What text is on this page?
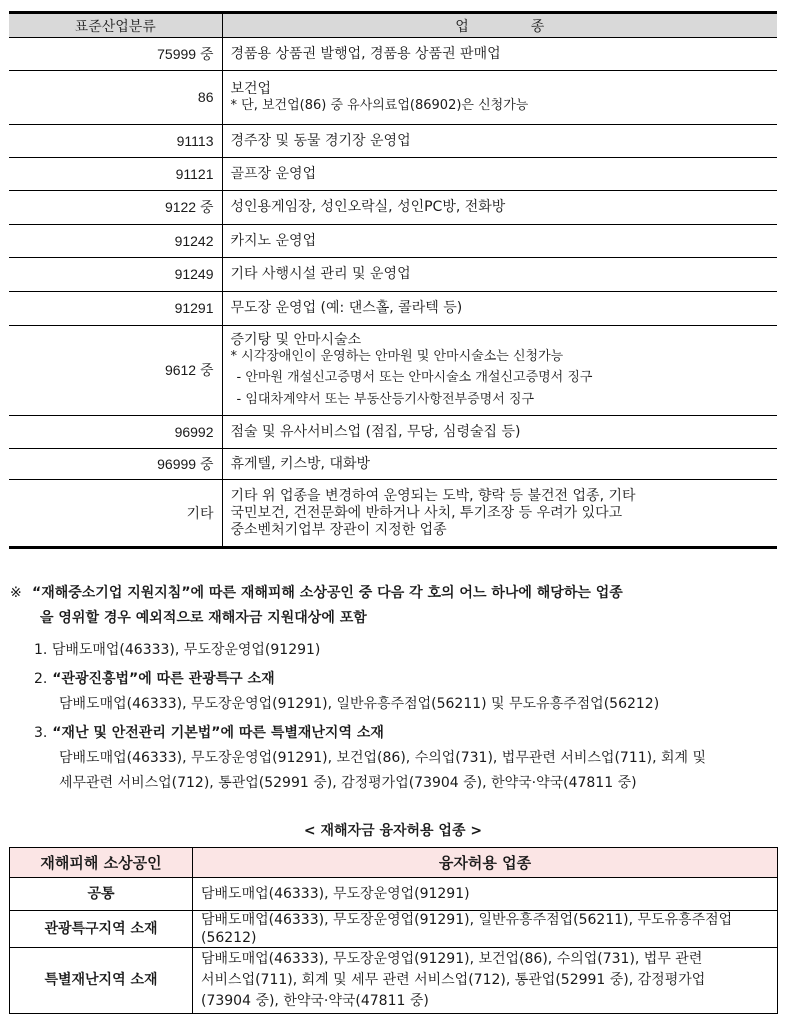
표준산업분류	업종
75999 중	경품용 상품권 발행업, 경품용 상품권 판매업
86	보건업
* 단, 보건업(86) 중 유사의료업(86902)은 신청가능

91113	경주장 및 동물 경기장 운영업
91121	골프장 운영업
9122 중	성인용게임장, 성인오락실, 성인PC방, 전화방
91242	카지노 운영업
91249	기타 사행시설 관리 및 운영업
91291	무도장 운영업 (예: 댄스홀, 콜라텍 등)
9612 중	증기탕 및 안마시술소
* 시각장애인이 운영하는 안마원 및 안마시술소는 신청가능
- 안마원 개설신고증명서 또는 안마시술소 개설신고증명서 징구
- 임대차계약서 또는 부동산등기사항전부증명서 징구

96992	점술 및 유사서비스업 (점집, 무당, 심령술집 등)
96999 중	휴게텔, 키스방, 대화방
기타	기타 위 업종을 변경하여 운영되는 도박, 향락 등 불건전 업종, 기타
국민보건, 건전문화에 반하거나 사치, 투기조장 등 우려가 있다고
중소벤처기업부 장관이 지정한 업종
※ “재해중소기업 지원지침”에 따른 재해피해 소상공인 중 다음 각 호의 어느 하나에 해당하는 업종
을 영위할 경우 예외적으로 재해자금 지원대상에 포함
1. 담배도매업(46333), 무도장운영업(91291)
2. “관광진흥법”에 따른 관광특구 소재
담배도매업(46333), 무도장운영업(91291), 일반유흥주점업(56211) 및 무도유흥주점업(56212)
3. “재난 및 안전관리 기본법”에 따른 특별재난지역 소재
담배도매업(46333), 무도장운영업(91291), 보건업(86), 수의업(731), 법무관련 서비스업(711), 회계 및
세무관련 서비스업(712), 통관업(52991 중), 감정평가업(73904 중), 한약국·약국(47811 중)
< 재해자금 융자허용 업종 >
재해피해 소상공인	융자허용 업종
공통	담배도매업(46333), 무도장운영업(91291)
관광특구지역 소재	담배도매업(46333), 무도장운영업(91291), 일반유흥주점업(56211), 무도유흥주점업
(56212)

특별재난지역 소재	담배도매업(46333), 무도장운영업(91291), 보건업(86), 수의업(731), 법무 관련
서비스업(711), 회계 및 세무 관련 서비스업(712), 통관업(52991 중), 감정평가업
(73904 중), 한약국·약국(47811 중)
